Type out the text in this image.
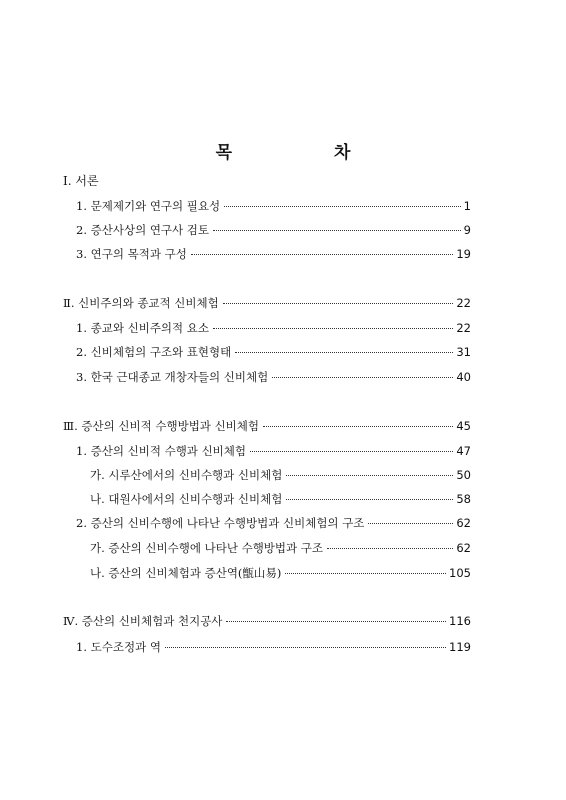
목 차
Ⅰ. 서론
1. 문제제기와 연구의 필요성	1
2. 증산사상의 연구사 검토	9
3. 연구의 목적과 구성	19
Ⅱ. 신비주의와 종교적 신비체험	22
1. 종교와 신비주의적 요소	22
2. 신비체험의 구조와 표현형태	31
3. 한국 근대종교 개창자들의 신비체험	40
Ⅲ. 증산의 신비적 수행방법과 신비체험	45
1. 증산의 신비적 수행과 신비체험	47
가. 시루산에서의 신비수행과 신비체험	50
나. 대원사에서의 신비수행과 신비체험	58
2. 증산의 신비수행에 나타난 수행방법과 신비체험의 구조	62
가. 증산의 신비수행에 나타난 수행방법과 구조	62
나. 증산의 신비체험과 증산역(甑山易)	105
Ⅳ. 증산의 신비체험과 천지공사	116
1. 도수조정과 역	119
